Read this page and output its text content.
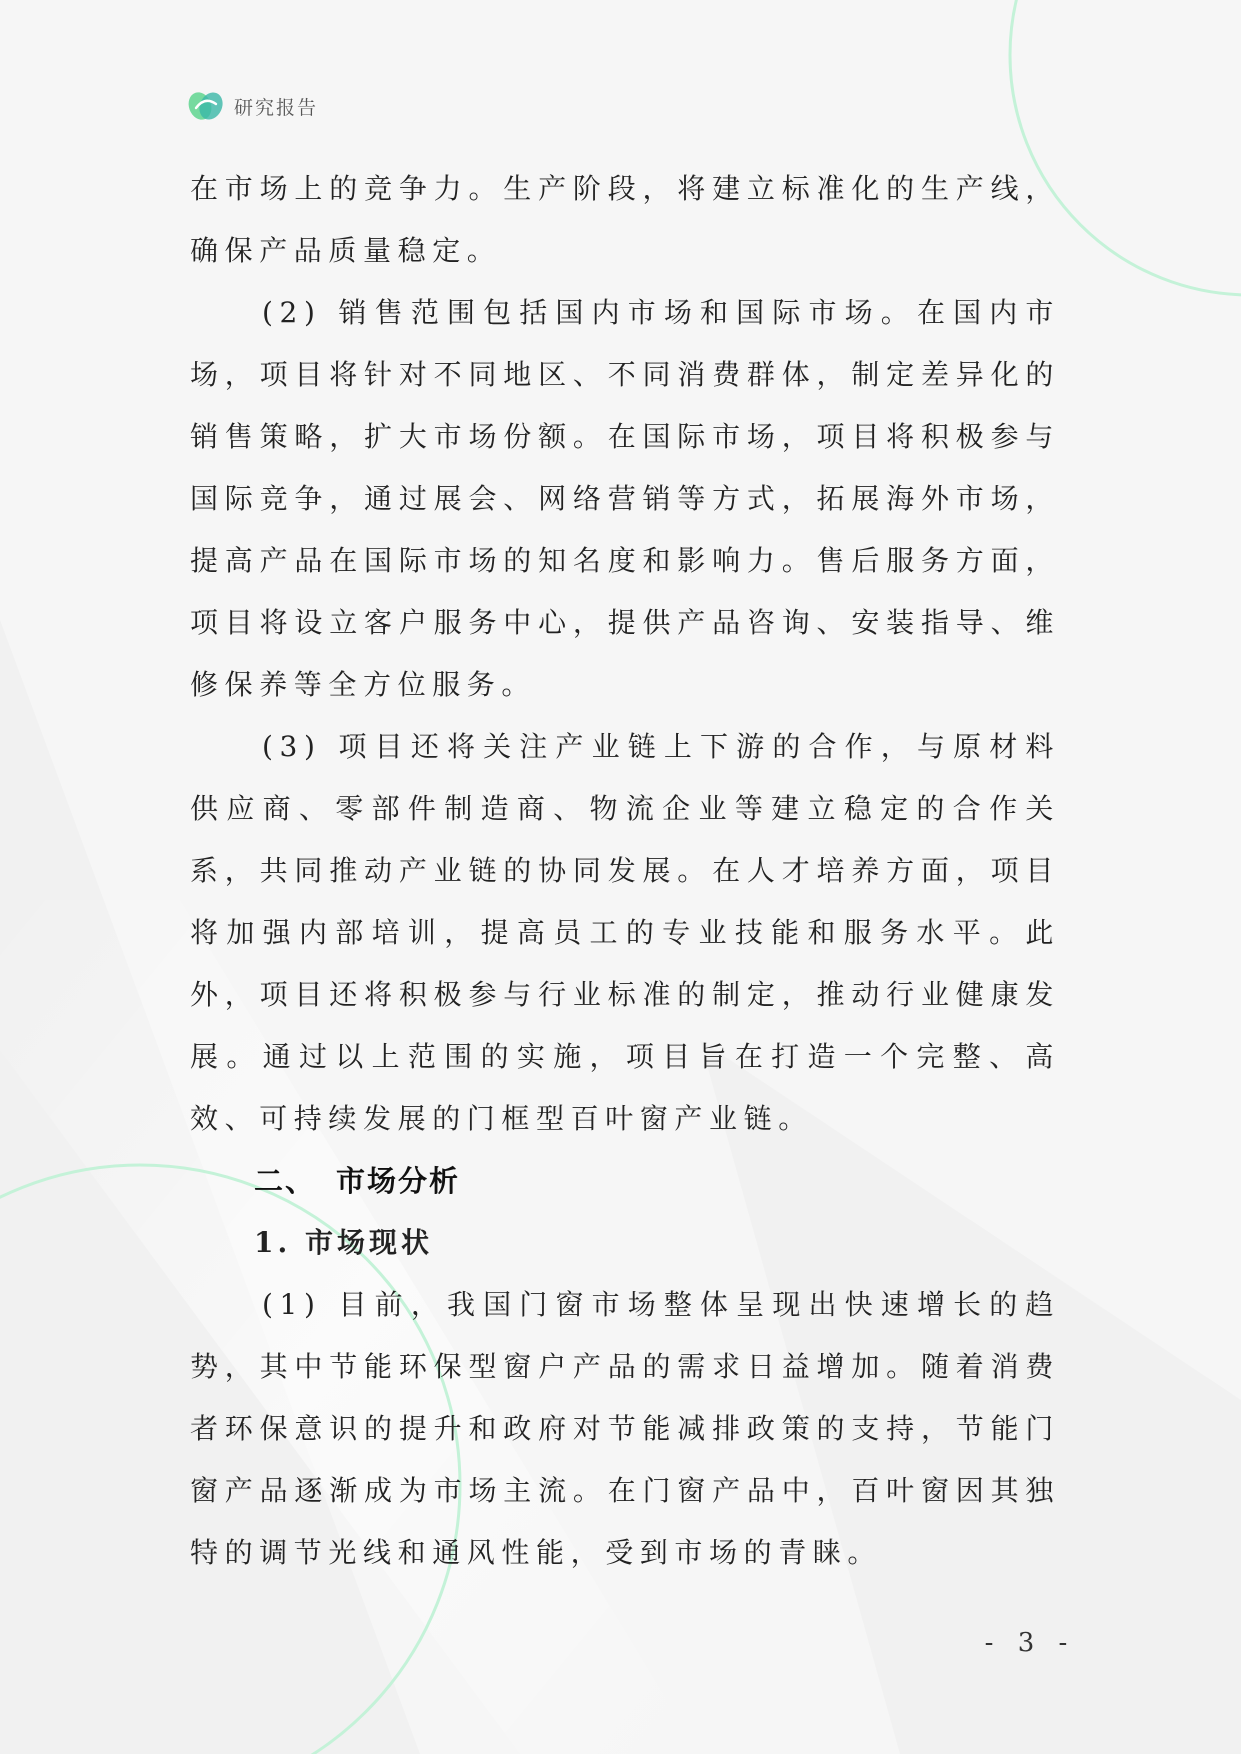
研究报告

在市场上的竞争力。生产阶段，将建立标准化的生产线，确保产品质量稳定。

(2) 销售范围包括国内市场和国际市场。在国内市场，项目将针对不同地区、不同消费群体，制定差异化的销售策略，扩大市场份额。在国际市场，项目将积极参与国际竞争，通过展会、网络营销等方式，拓展海外市场，提高产品在国际市场的知名度和影响力。售后服务方面，项目将设立客户服务中心，提供产品咨询、安装指导、维修保养等全方位服务。

(3) 项目还将关注产业链上下游的合作，与原材料供应商、零部件制造商、物流企业等建立稳定的合作关系，共同推动产业链的协同发展。在人才培养方面，项目将加强内部培训，提高员工的专业技能和服务水平。此外，项目还将积极参与行业标准的制定，推动行业健康发展。通过以上范围的实施，项目旨在打造一个完整、高效、可持续发展的门框型百叶窗产业链。

二、 市场分析
1. 市场现状

(1) 目前，我国门窗市场整体呈现出快速增长的趋势，其中节能环保型窗户产品的需求日益增加。随着消费者环保意识的提升和政府对节能减排政策的支持，节能门窗产品逐渐成为市场主流。在门窗产品中，百叶窗因其独特的调节光线和通风性能，受到市场的青睐。

- 3 -
